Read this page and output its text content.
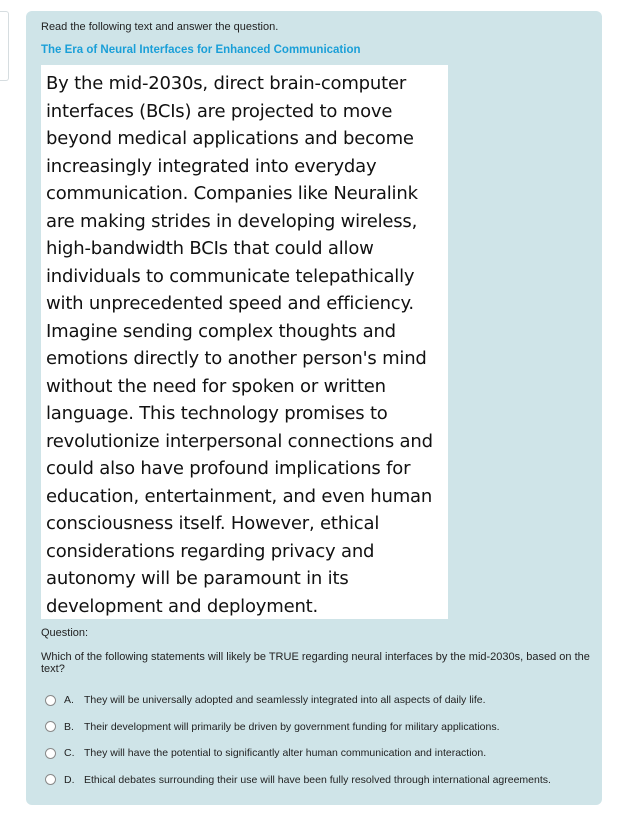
Read the following text and answer the question.
The Era of Neural Interfaces for Enhanced Communication
By the mid-2030s, direct brain-computer interfaces (BCIs) are projected to move beyond medical applications and become increasingly integrated into everyday communication. Companies like Neuralink are making strides in developing wireless, high-bandwidth BCIs that could allow individuals to communicate telepathically with unprecedented speed and efficiency. Imagine sending complex thoughts and emotions directly to another person's mind without the need for spoken or written language. This technology promises to revolutionize interpersonal connections and could also have profound implications for education, entertainment, and even human consciousness itself. However, ethical considerations regarding privacy and autonomy will be paramount in its development and deployment.
Question:
Which of the following statements will likely be TRUE regarding neural interfaces by the mid-2030s, based on the text?
A. They will be universally adopted and seamlessly integrated into all aspects of daily life.
B. Their development will primarily be driven by government funding for military applications.
C. They will have the potential to significantly alter human communication and interaction.
D. Ethical debates surrounding their use will have been fully resolved through international agreements.
